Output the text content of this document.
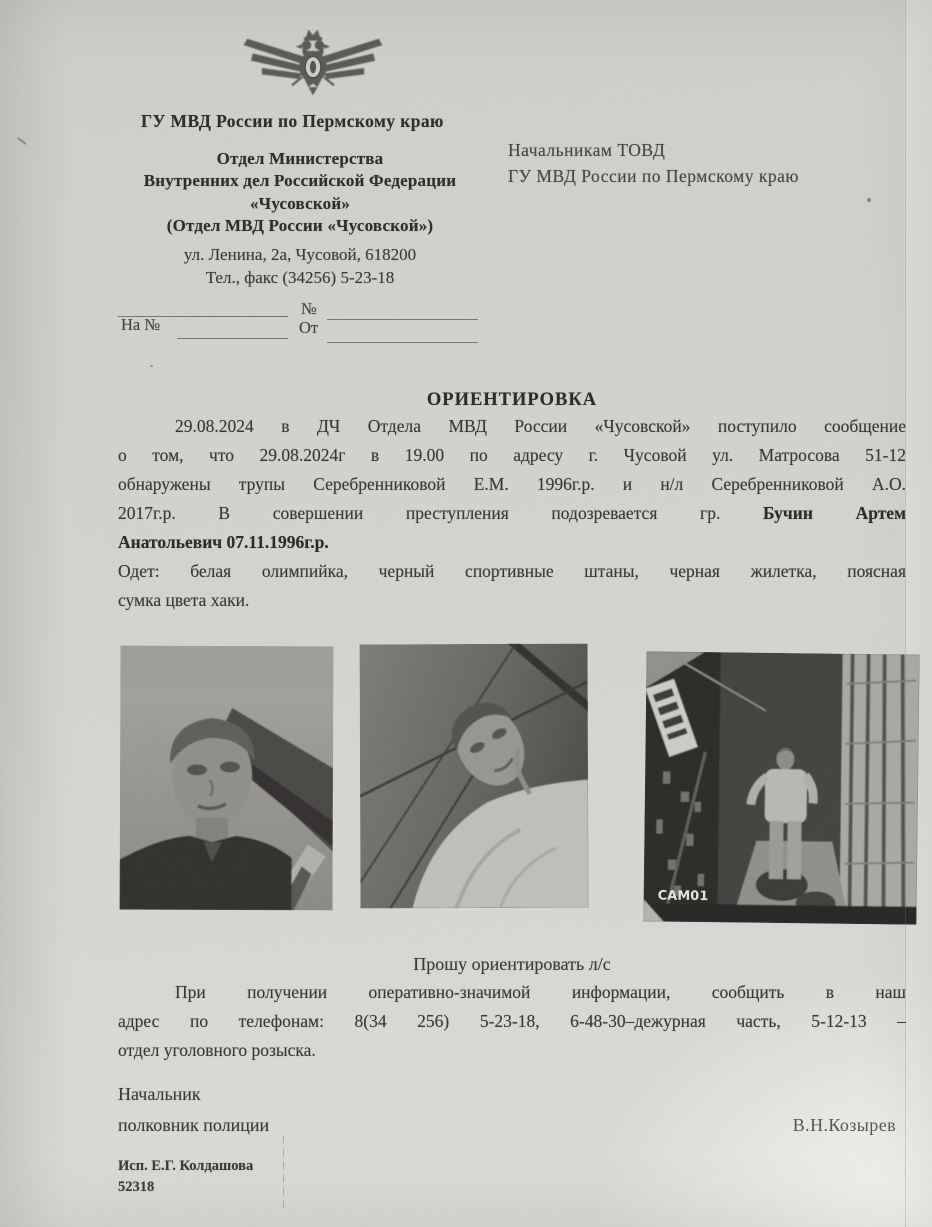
ГУ МВД России по Пермскому краю
Отдел Министерства
Внутренних дел Российской Федерации
«Чусовской»
(Отдел МВД России «Чусовской»)
ул. Ленина, 2а, Чусовой, 618200
Тел., факс (34256) 5-23-18
Начальникам ТОВД
ГУ МВД России по Пермскому краю
№
На №	От
ОРИЕНТИРОВКА
29.08.2024 в ДЧ Отдела МВД России «Чусовской» поступило сообщение
о том, что 29.08.2024г в 19.00 по адресу г. Чусовой ул. Матросова 51-12
обнаружены трупы Серебренниковой Е.М. 1996г.р. и н/л Серебренниковой А.О.
2017г.р. В совершении преступления подозревается гр. Бучин Артем
Анатольевич 07.11.1996г.р.
Одет: белая олимпийка, черный спортивные штаны, черная жилетка, поясная
сумка цвета хаки.
CAM01
Прошу ориентировать л/с
При получении оперативно-значимой информации, сообщить в наш
адрес по телефонам: 8(34 256) 5-23-18, 6-48-30–дежурная часть, 5-12-13 –
отдел уголовного розыска.
Начальник
полковник полиции	В.Н.Козырев
Исп. Е.Г. Колдашова
52318
